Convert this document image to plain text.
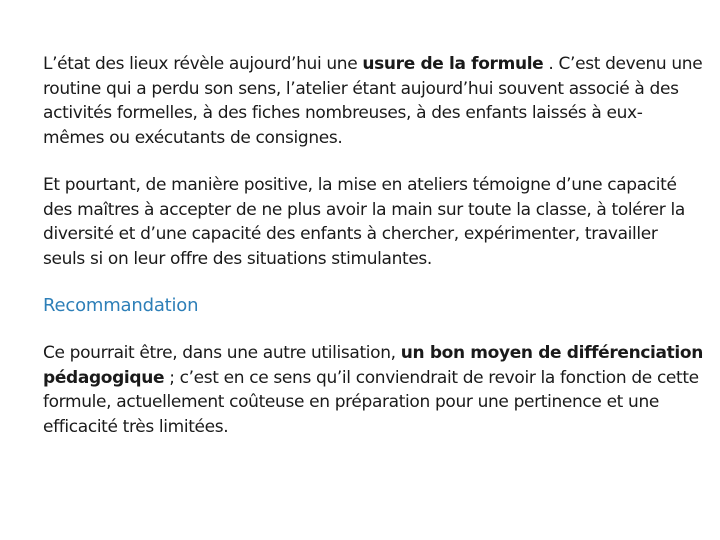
L’état des lieux révèle aujourd’hui une usure de la formule . C’est devenu une routine qui a perdu son sens, l’atelier étant aujourd’hui souvent associé à des activités formelles, à des fiches nombreuses, à des enfants laissés à eux-mêmes ou exécutants de consignes.

Et pourtant, de manière positive, la mise en ateliers témoigne d’une capacité des maîtres à accepter de ne plus avoir la main sur toute la classe, à tolérer la diversité et d’une capacité des enfants à chercher, expérimenter, travailler seuls si on leur offre des situations stimulantes.

Recommandation

Ce pourrait être, dans une autre utilisation, un bon moyen de différenciation pédagogique ; c’est en ce sens qu’il conviendrait de revoir la fonction de cette formule, actuellement coûteuse en préparation pour une pertinence et une efficacité très limitées.
